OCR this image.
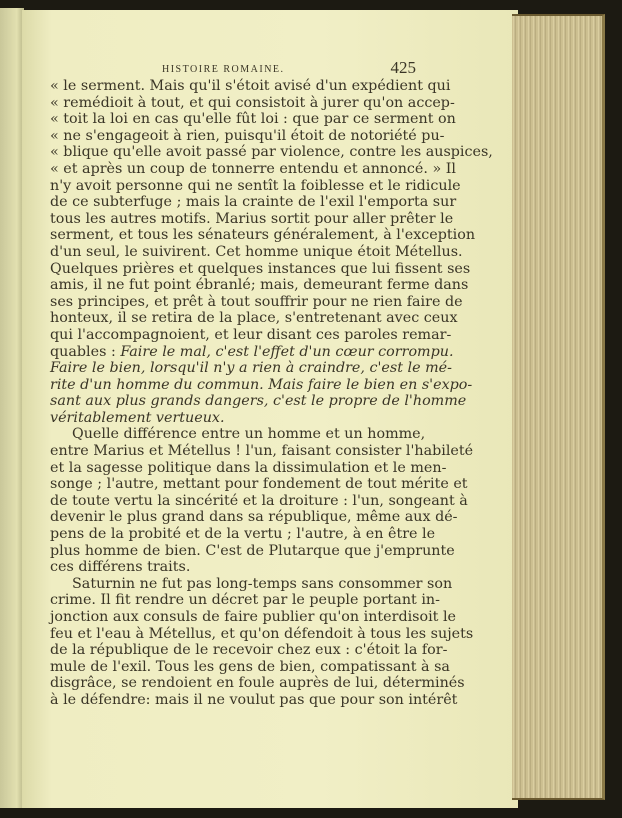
HISTOIRE ROMAINE.	425
« le serment. Mais qu'il s'étoit avisé d'un expédient qui
« remédioit à tout, et qui consistoit à jurer qu'on accep-
« toit la loi en cas qu'elle fût loi : que par ce serment on
« ne s'engageoit à rien, puisqu'il étoit de notoriété pu-
« blique qu'elle avoit passé par violence, contre les auspices,
« et après un coup de tonnerre entendu et annoncé. » Il
n'y avoit personne qui ne sentît la foiblesse et le ridicule
de ce subterfuge ; mais la crainte de l'exil l'emporta sur
tous les autres motifs. Marius sortit pour aller prêter le
serment, et tous les sénateurs généralement, à l'exception
d'un seul, le suivirent. Cet homme unique étoit Métellus.
Quelques prières et quelques instances que lui fissent ses
amis, il ne fut point ébranlé; mais, demeurant ferme dans
ses principes, et prêt à tout souffrir pour ne rien faire de
honteux, il se retira de la place, s'entretenant avec ceux
qui l'accompagnoient, et leur disant ces paroles remar-
quables : Faire le mal, c'est l'effet d'un cœur corrompu.
Faire le bien, lorsqu'il n'y a rien à craindre, c'est le mé-
rite d'un homme du commun. Mais faire le bien en s'expo-
sant aux plus grands dangers, c'est le propre de l'homme
véritablement vertueux.
Quelle différence entre un homme et un homme,
entre Marius et Métellus ! l'un, faisant consister l'habileté
et la sagesse politique dans la dissimulation et le men-
songe ; l'autre, mettant pour fondement de tout mérite et
de toute vertu la sincérité et la droiture : l'un, songeant à
devenir le plus grand dans sa république, même aux dé-
pens de la probité et de la vertu ; l'autre, à en être le
plus homme de bien. C'est de Plutarque que j'emprunte
ces différens traits.
Saturnin ne fut pas long-temps sans consommer son
crime. Il fit rendre un décret par le peuple portant in-
jonction aux consuls de faire publier qu'on interdisoit le
feu et l'eau à Métellus, et qu'on défendoit à tous les sujets
de la république de le recevoir chez eux : c'étoit la for-
mule de l'exil. Tous les gens de bien, compatissant à sa
disgrâce, se rendoient en foule auprès de lui, déterminés
à le défendre: mais il ne voulut pas que pour son intérêt
